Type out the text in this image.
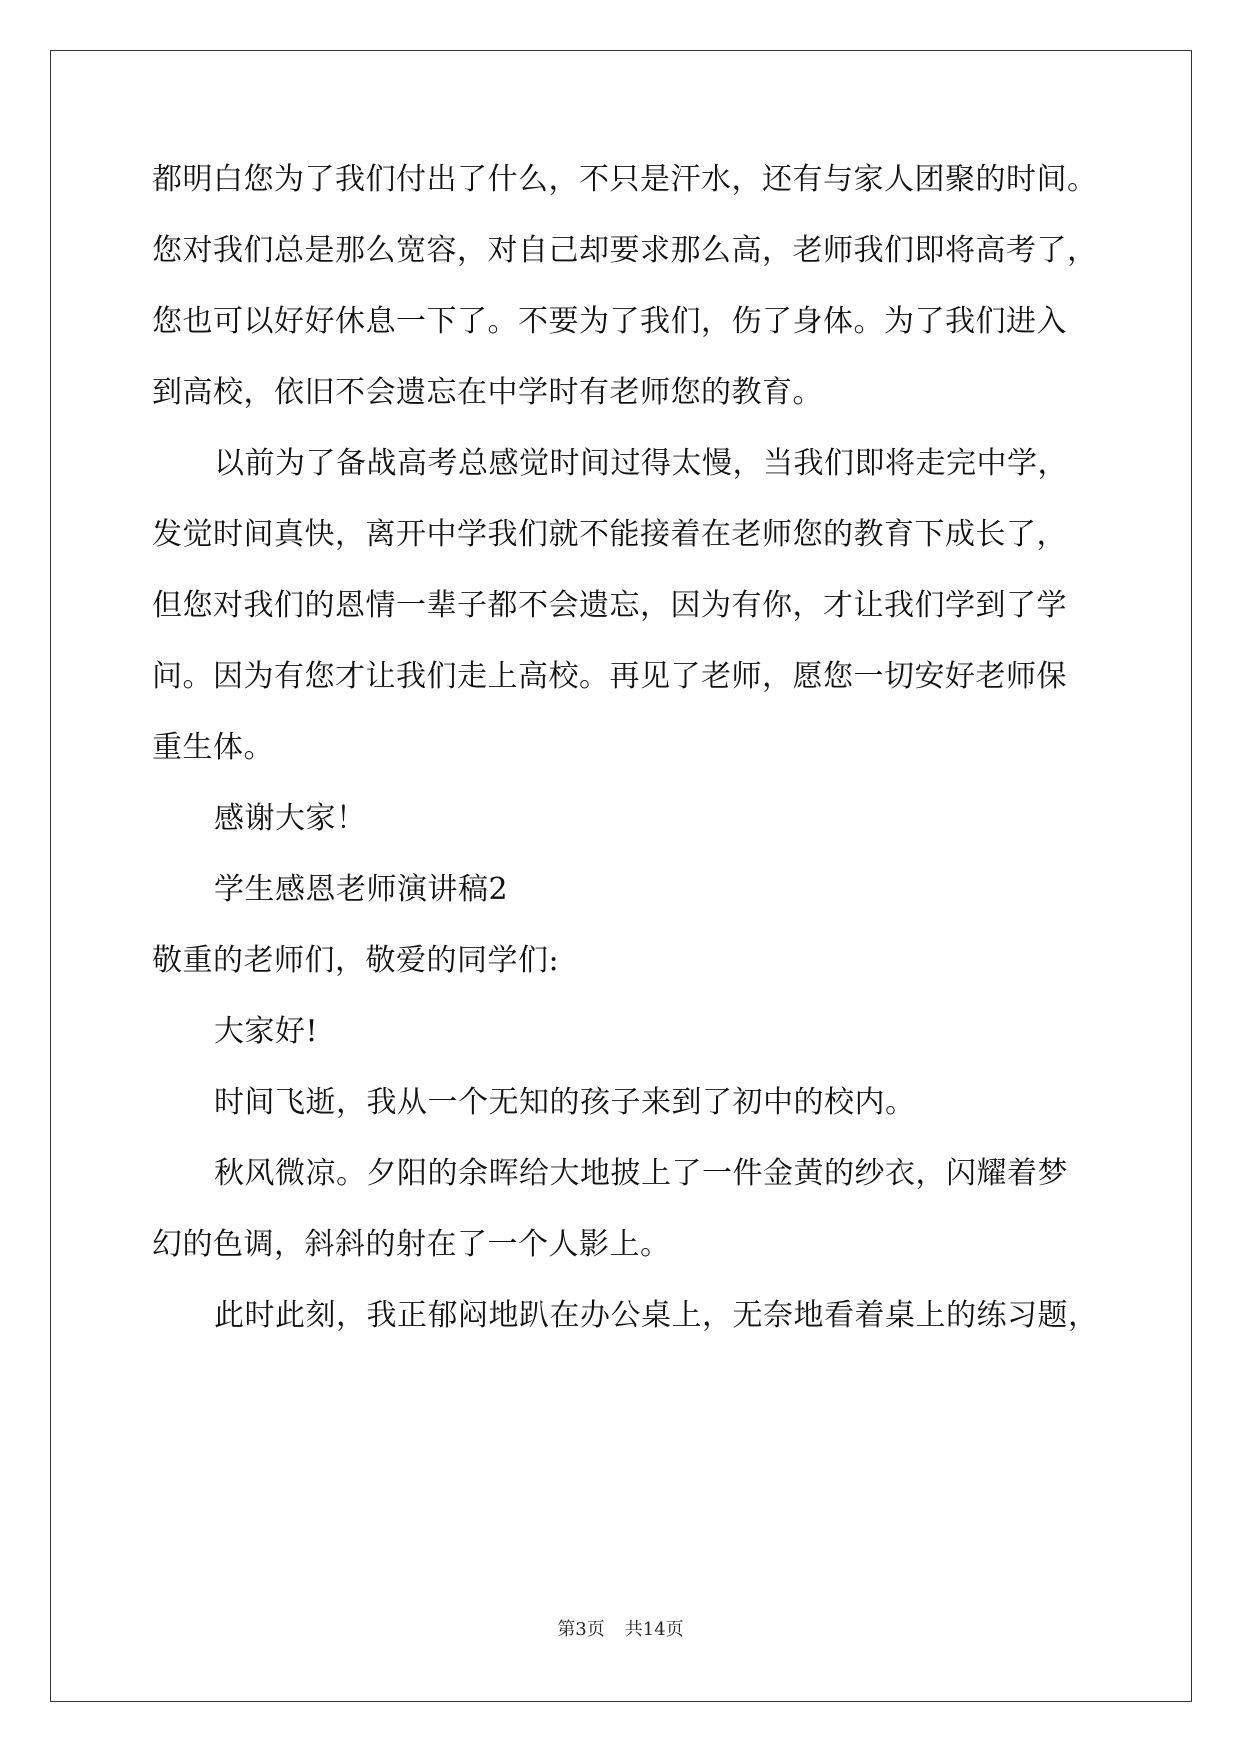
都明白您为了我们付出了什么，不只是汗水，还有与家人团聚的时间。
您对我们总是那么宽容，对自己却要求那么高，老师我们即将高考了，
您也可以好好休息一下了。不要为了我们，伤了身体。为了我们进入
到高校，依旧不会遗忘在中学时有老师您的教育。
以前为了备战高考总感觉时间过得太慢，当我们即将走完中学，
发觉时间真快，离开中学我们就不能接着在老师您的教育下成长了，
但您对我们的恩情一辈子都不会遗忘，因为有你，才让我们学到了学
问。因为有您才让我们走上高校。再见了老师，愿您一切安好老师保
重生体。
感谢大家！
学生感恩老师演讲稿2
敬重的老师们，敬爱的同学们:
大家好!
时间飞逝，我从一个无知的孩子来到了初中的校内。
秋风微凉。夕阳的余晖给大地披上了一件金黄的纱衣，闪耀着梦
幻的色调，斜斜的射在了一个人影上。
此时此刻，我正郁闷地趴在办公桌上，无奈地看着桌上的练习题，
第3页 共14页
